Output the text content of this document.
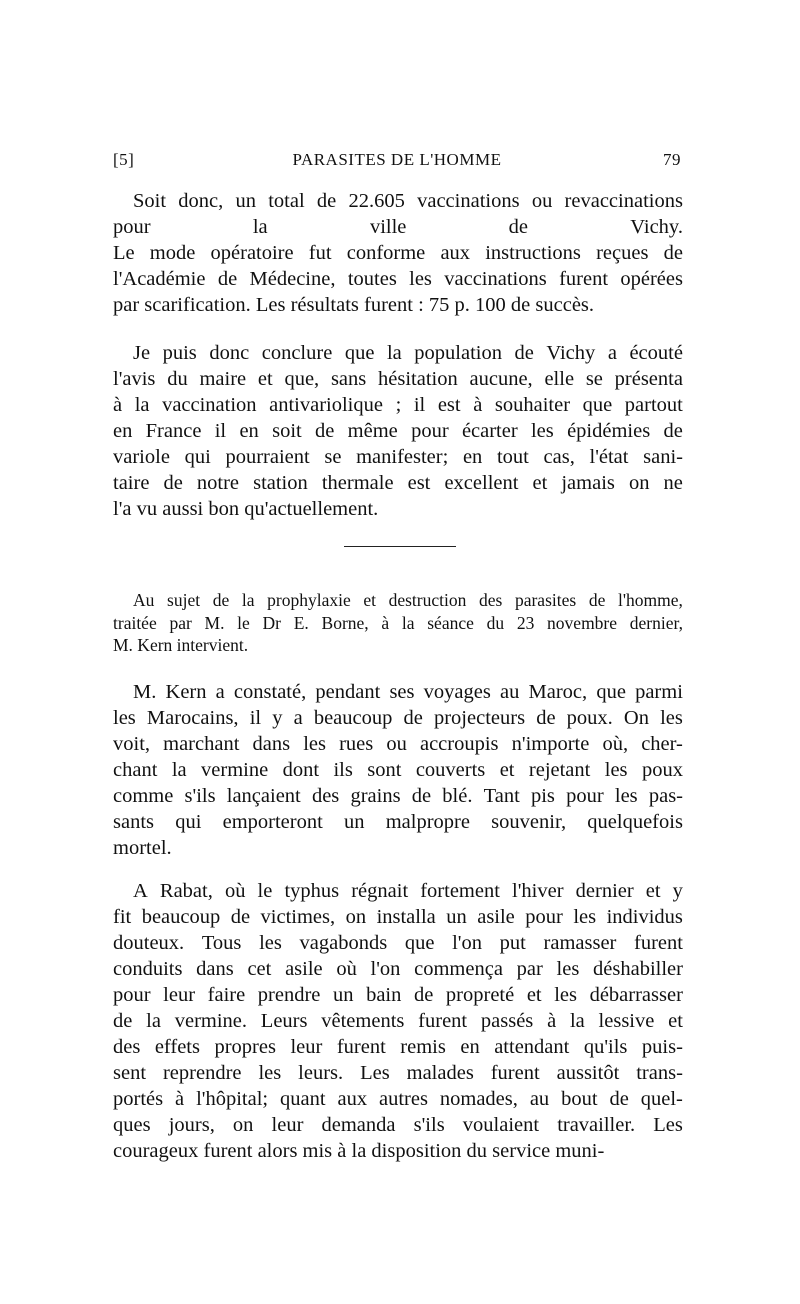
[5]	PARASITES DE L'HOMME	79
Soit donc, un total de 22.605 vaccinations ou revaccinations
pour	la	ville	de	Vichy.
Le mode opératoire fut conforme aux instructions reçues de
l'Académie de Médecine, toutes les vaccinations furent opérées
par scarification. Les résultats furent : 75 p. 100 de succès.
Je puis donc conclure que la population de Vichy a écouté
l'avis du maire et que, sans hésitation aucune, elle se présenta
à la vaccination antivariolique ; il est à souhaiter que partout
en France il en soit de même pour écarter les épidémies de
variole qui pourraient se manifester; en tout cas, l'état sani-
taire de notre station thermale est excellent et jamais on ne
l'a vu aussi bon qu'actuellement.
Au sujet de la prophylaxie et destruction des parasites de l'homme,
traitée par M. le Dr E. Borne, à la séance du 23 novembre dernier,
M. Kern intervient.
M. Kern a constaté, pendant ses voyages au Maroc, que parmi
les Marocains, il y a beaucoup de projecteurs de poux. On les
voit, marchant dans les rues ou accroupis n'importe où, cher-
chant la vermine dont ils sont couverts et rejetant les poux
comme s'ils lançaient des grains de blé. Tant pis pour les pas-
sants qui emporteront un malpropre souvenir, quelquefois
mortel.
A Rabat, où le typhus régnait fortement l'hiver dernier et y
fit beaucoup de victimes, on installa un asile pour les individus
douteux. Tous les vagabonds que l'on put ramasser furent
conduits dans cet asile où l'on commença par les déshabiller
pour leur faire prendre un bain de propreté et les débarrasser
de la vermine. Leurs vêtements furent passés à la lessive et
des effets propres leur furent remis en attendant qu'ils puis-
sent reprendre les leurs. Les malades furent aussitôt trans-
portés à l'hôpital; quant aux autres nomades, au bout de quel-
ques jours, on leur demanda s'ils voulaient travailler. Les
courageux furent alors mis à la disposition du service muni-
